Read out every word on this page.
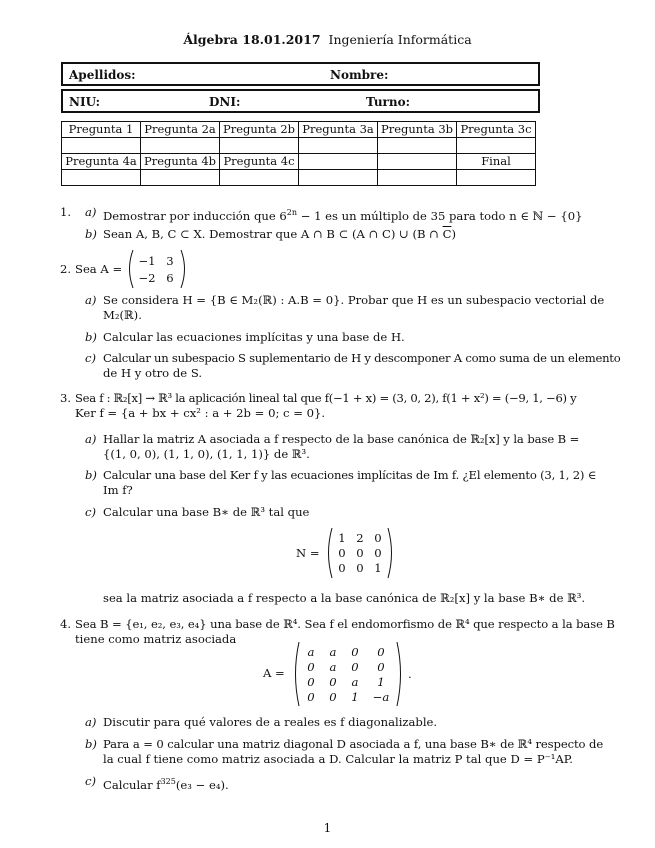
Álgebra 18.01.2017 Ingeniería Informática
Apellidos:	Nombre:
NIU:	DNI:	Turno:
Pregunta 1	Pregunta 2a	Pregunta 2b	Pregunta 3a	Pregunta 3b	Pregunta 3c

Pregunta 4a	Pregunta 4b	Pregunta 4c			Final

1. a) Demostrar por inducción que $6^{2n} - 1$ es un múltiplo de 35 para todo n ∈ ℕ − {0}
b) Sean A, B, C ⊂ X. Demostrar que A ∩ B ⊂ (A ∩ C) ∪ (B ∩ $\overline{C}$)
2. Sea A =
−1 3
−2 6
a) Se considera H = {B ∈ M₂(ℝ) : A.B = 0}. Probar que H es un subespacio vectorial de
M₂(ℝ).
b) Calcular las ecuaciones implícitas y una base de H.
c) Calcular un subespacio S suplementario de H y descomponer A como suma de un elemento
de H y otro de S.
3. Sea f : ℝ₂[x] → ℝ³ la aplicación lineal tal que f(−1 + x) = (3, 0, 2), f(1 + x²) = (−9, 1, −6) y
Ker f = {a + bx + cx² : a + 2b = 0; c = 0}.
a) Hallar la matriz A asociada a f respecto de la base canónica de ℝ₂[x] y la base B =
{(1, 0, 0), (1, 1, 0), (1, 1, 1)} de ℝ³.
b) Calcular una base del Ker f y las ecuaciones implícitas de Im f. ¿El elemento (3, 1, 2) ∈
Im f?
c) Calcular una base B∗ de ℝ³ tal que
N =
1 2 0
0 0 0
0 0 1
sea la matriz asociada a f respecto a la base canónica de ℝ₂[x] y la base B∗ de ℝ³.
4. Sea B = {e₁, e₂, e₃, e₄} una base de ℝ⁴. Sea f el endomorfismo de ℝ⁴ que respecto a la base B
tiene como matriz asociada
A =
a	a	0	0
0	a	0	0
0	0	a	1
0	0	1	−a
.
a) Discutir para qué valores de a reales es f diagonalizable.
b) Para a = 0 calcular una matriz diagonal D asociada a f, una base B∗ de ℝ⁴ respecto de
la cual f tiene como matriz asociada a D. Calcular la matriz P tal que D = P⁻¹AP.
c) Calcular $f^{325}(e_3 - e_4)$.
1
